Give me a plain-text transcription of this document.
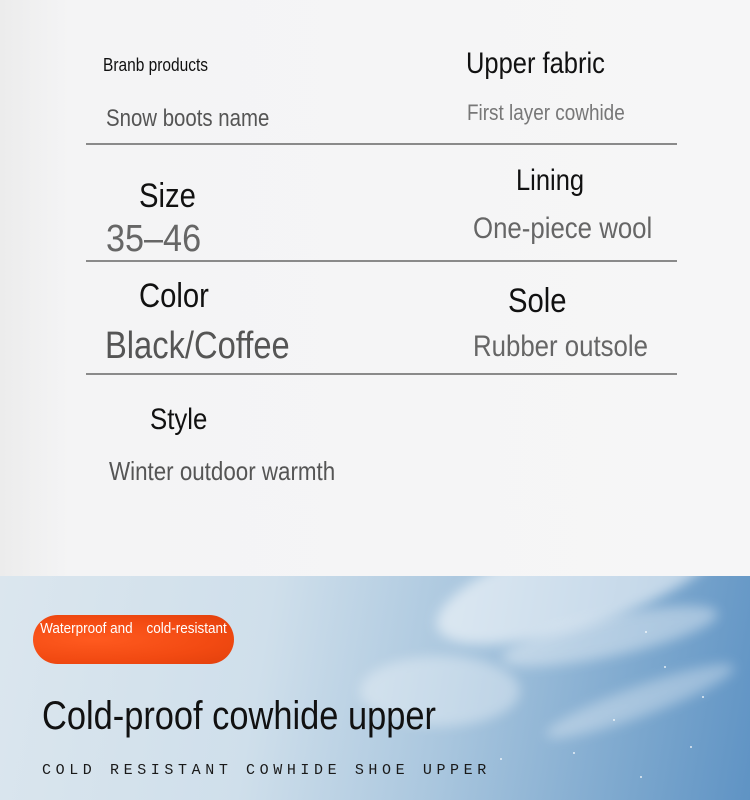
Branb products
Snow boots name
Upper fabric
First layer cowhide
Size
35–46
Lining
One-piece wool
Color
Black/Coffee
Sole
Rubber outsole
Style
Winter outdoor warmth
Waterproof and cold-resistant
Cold-proof cowhide upper
COLD RESISTANT COWHIDE SHOE UPPER
